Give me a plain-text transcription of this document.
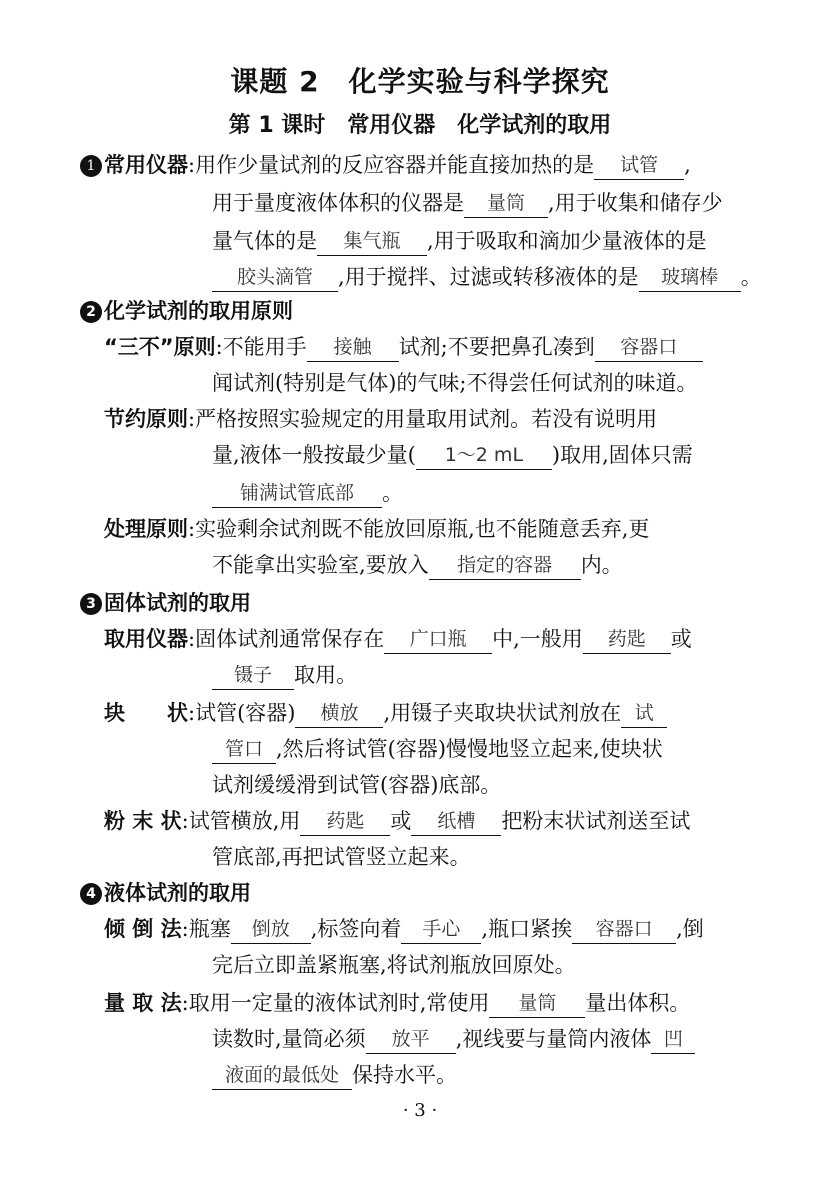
课题 2　化学实验与科学探究
第 1 课时　常用仪器　化学试剂的取用
1 常用仪器:用作少量试剂的反应容器并能直接加热的是 试管 ,
用于量度液体体积的仪器是 量筒 ,用于收集和储存少
量气体的是 集气瓶 ,用于吸取和滴加少量液体的是
胶头滴管 ,用于搅拌、过滤或转移液体的是 玻璃棒 。
2 化学试剂的取用原则
“三不”原则:不能用手 接触 试剂;不要把鼻孔凑到 容器口
闻试剂(特别是气体)的气味;不得尝任何试剂的味道。
节约原则:严格按照实验规定的用量取用试剂。若没有说明用
量,液体一般按最少量( 1～2 mL )取用,固体只需
铺满试管底部 。
处理原则:实验剩余试剂既不能放回原瓶,也不能随意丢弃,更
不能拿出实验室,要放入 指定的容器 内。
3 固体试剂的取用
取用仪器:固体试剂通常保存在 广口瓶 中,一般用 药匙 或
镊子 取用。
块　　状:试管(容器) 横放 ,用镊子夹取块状试剂放在 试
管口 ,然后将试管(容器)慢慢地竖立起来,使块状
试剂缓缓滑到试管(容器)底部。
粉 末 状:试管横放,用 药匙 或 纸槽 把粉末状试剂送至试
管底部,再把试管竖立起来。
4 液体试剂的取用
倾 倒 法:瓶塞 倒放 ,标签向着 手心 ,瓶口紧挨 容器口 ,倒
完后立即盖紧瓶塞,将试剂瓶放回原处。
量 取 法:取用一定量的液体试剂时,常使用 量筒 量出体积。
读数时,量筒必须 放平 ,视线要与量筒内液体 凹
液面的最低处 保持水平。
· 3 ·
